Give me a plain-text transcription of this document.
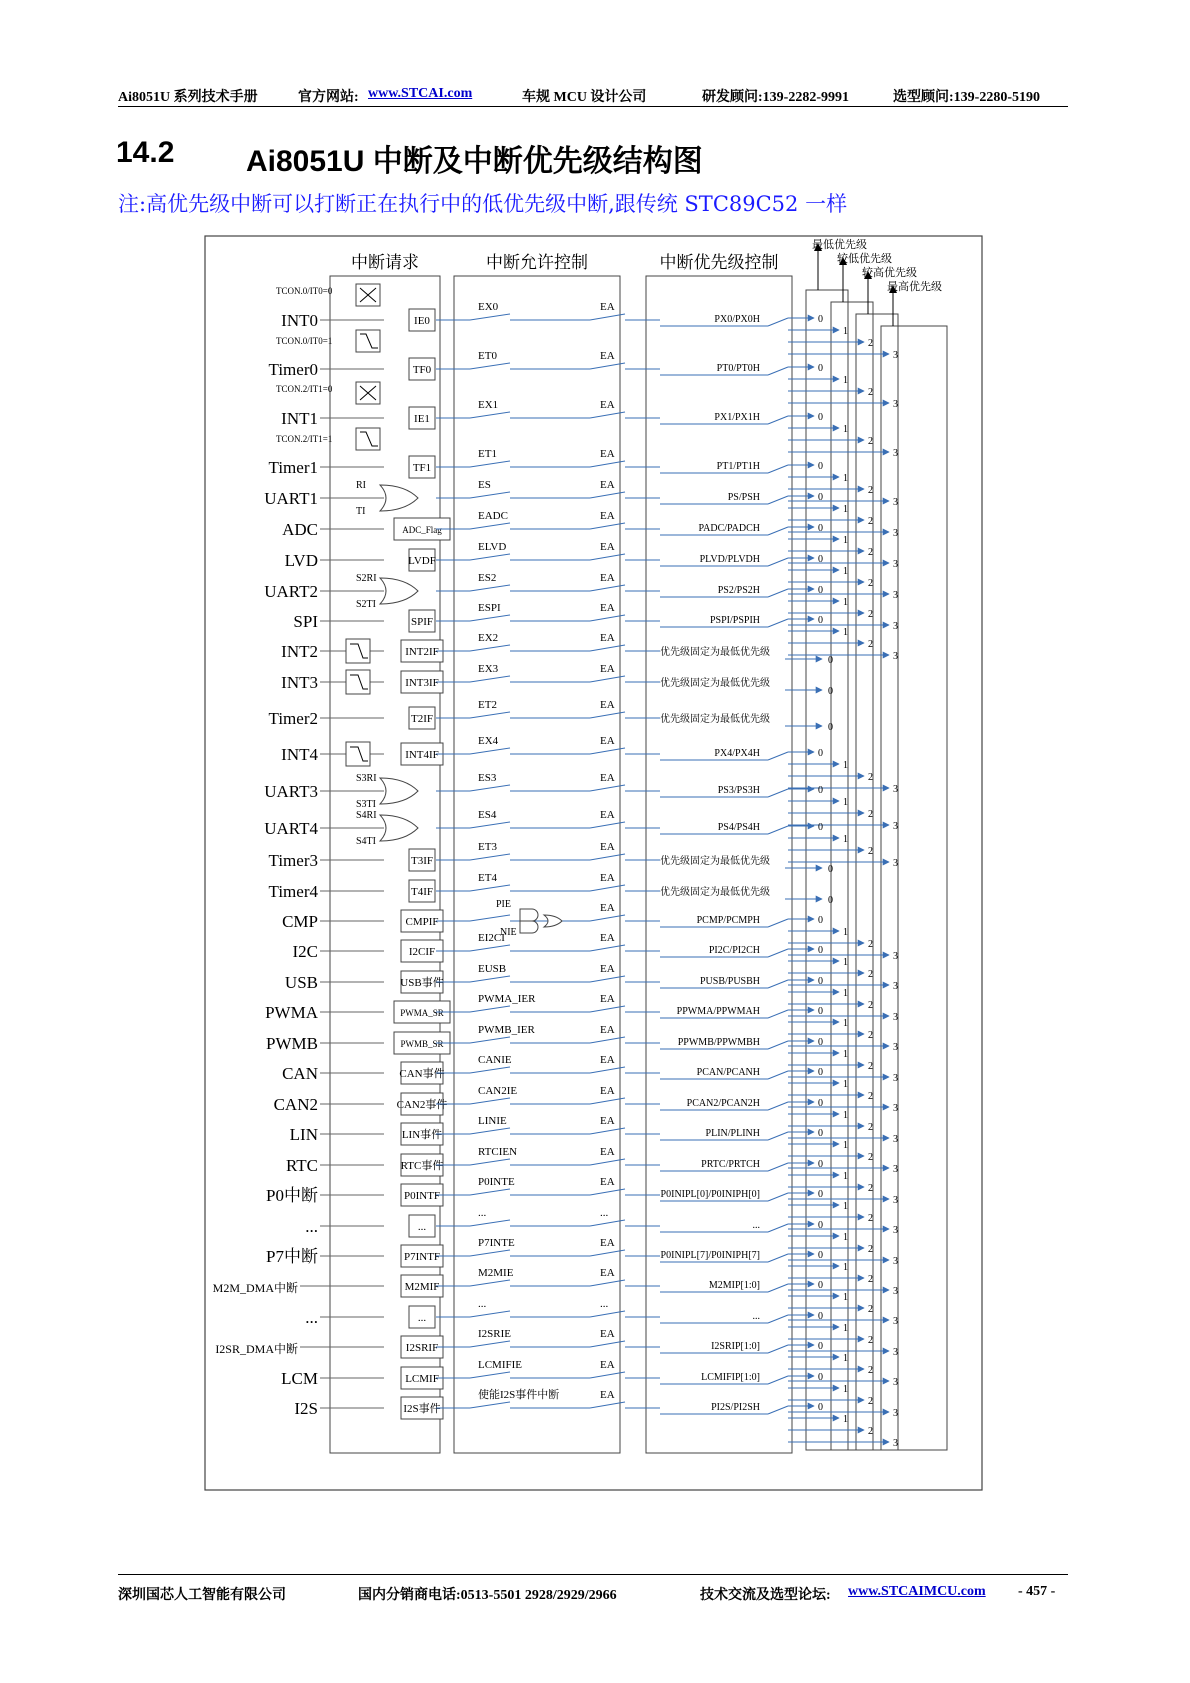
Ai8051U 系列技术手册	官方网站: www.STCAI.com	车规 MCU 设计公司	研发顾问:139-2282-9991	选型顾问:139-2280-5190
14.2 Ai8051U 中断及中断优先级结构图
注:高优先级中断可以打断正在执行中的低优先级中断,跟传统 STC89C52 一样
中断请求	中断允许控制	中断优先级控制
最低优先级
较低优先级
较高优先级
最高优先级
INT0	IE0
EX0	EA
PX0/PX0H	0
1
2
3
Timer0	TF0
ET0	EA
PT0/PT0H	0
1
2
3
INT1	IE1
EX1	EA
PX1/PX1H	0
1
2
3
Timer1	TF1
ET1	EA
PT1/PT1H	0
1
2
3
UART1
RI
TI
ES	EA
PS/PSH	0
1
2
3
ADC	ADC_Flag
EADC	EA
PADC/PADCH	0
1
2
3
LVD	LVDF
ELVD	EA
PLVD/PLVDH	0
1
2
3
UART2
S2RI
S2TI
ES2	EA
PS2/PS2H	0
1
2
3
SPI	SPIF
ESPI	EA
PSPI/PSPIH	0
1
2
3
INT2	INT2IF
EX2	EA
优先级固定为最低优先级
0
INT3	INT3IF
EX3	EA
优先级固定为最低优先级
0
Timer2	T2IF
ET2	EA
优先级固定为最低优先级
0
INT4	INT4IF
EX4	EA
PX4/PX4H	0
1
2
3
UART3
S3RI
S3TI
ES3	EA
PS3/PS3H	0
1
2
3
UART4
S4RI
S4TI
ES4	EA
PS4/PS4H	0
1
2
3
Timer3	T3IF
ET3	EA
优先级固定为最低优先级
0
Timer4	T4IF
ET4	EA
优先级固定为最低优先级
0
CMP	CMPIF
EA
PCMP/PCMPH	0
1
2
3
I2C	I2CIF
EI2CI	EA
PI2C/PI2CH	0
1
2
3
USB	USB事件
EUSB	EA
PUSB/PUSBH	0
1
2
3
PWMA	PWMA_SR
PWMA_IER	EA
PPWMA/PPWMAH	0
1
2
3
PWMB	PWMB_SR
PWMB_IER	EA
PPWMB/PPWMBH	0
1
2
3
CAN	CAN事件
CANIE	EA
PCAN/PCANH	0
1
2
3
CAN2	CAN2事件
CAN2IE	EA
PCAN2/PCAN2H	0
1
2
3
LIN	LIN事件
LINIE	EA
PLIN/PLINH	0
1
2
3
RTC	RTC事件
RTCIEN	EA
PRTC/PRTCH	0
1
2
3
P0中断	P0INTF
P0INTE	EA
P0INIPL[0]/P0INIPH[0]	0
1
2
3
...	...
...	...
...	0
1
2
3
P7中断	P7INTF
P7INTE	EA
P0INIPL[7]/P0INIPH[7]	0
1
2
3
M2M_DMA中断	M2MIF
M2MIE	EA
M2MIP[1:0]	0
1
2
3
...	...
...	...
...	0
1
2
3
I2SR_DMA中断	I2SRIF
I2SRIE	EA
I2SRIP[1:0]	0
1
2
3
LCM	LCMIF
LCMIFIE	EA
LCMIFIP[1:0]	0
1
2
3
I2S	I2S事件
使能I2S事件中断	EA
PI2S/PI2SH	0
1
2
3
PIE
NIE
TCON.0/IT0=0
TCON.0/IT0=1
TCON.2/IT1=0
TCON.2/IT1=1
深圳国芯人工智能有限公司	国内分销商电话:0513-5501 2928/2929/2966	技术交流及选型论坛: www.STCAIMCU.com - 457 -
